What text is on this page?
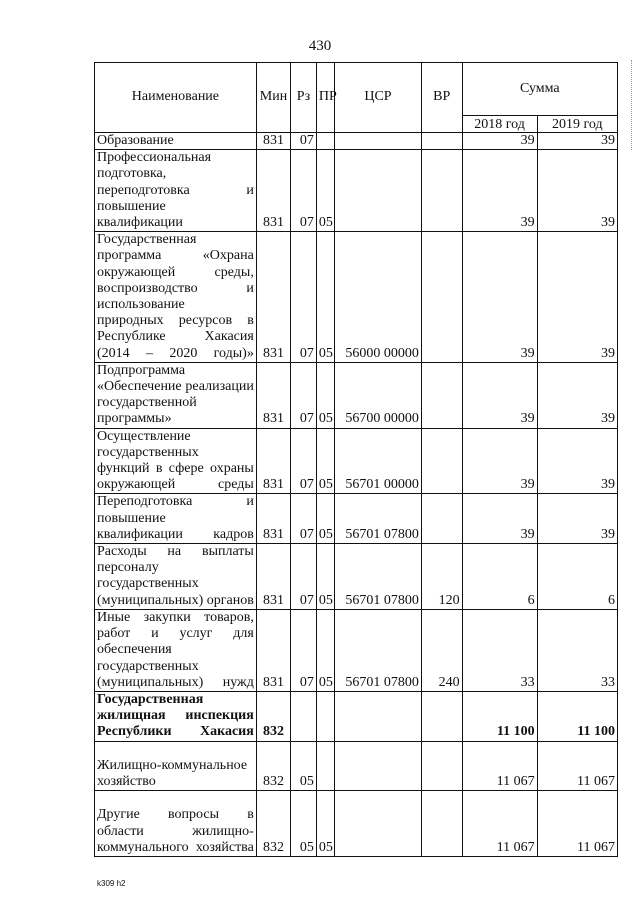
430
Наименование	Мин	Рз	ПР	ЦСР	ВР	Сумма	
						2018 год	2019 год
Образование	831	07				39	39
Профессиональная подготовка, переподготовка и повышение квалификации	831	07	05			39	39
Государственная программа «Охрана окружающей среды, воспроизводство и использование природных ресурсов в Республике Хакасия (2014 – 2020 годы)»	831	07	05	56000 00000		39	39
Подпрограмма «Обеспечение реализации государственной программы»	831	07	05	56700 00000		39	39
Осуществление государственных функций в сфере охраны окружающей среды	831	07	05	56701 00000		39	39
Переподготовка и повышение квалификации кадров	831	07	05	56701 07800		39	39
Расходы на выплаты персоналу государственных (муниципальных) органов	831	07	05	56701 07800	120	6	6
Иные закупки товаров, работ и услуг для обеспечения государственных (муниципальных) нужд	831	07	05	56701 07800	240	33	33
Государственная жилищная инспекция Республики Хакасия	832					11 100	11 100
Жилищно-коммунальное хозяйство	832	05				11 067	11 067
Другие вопросы в области жилищно-коммунального хозяйства	832	05	05			11 067	11 067
k309 h2
